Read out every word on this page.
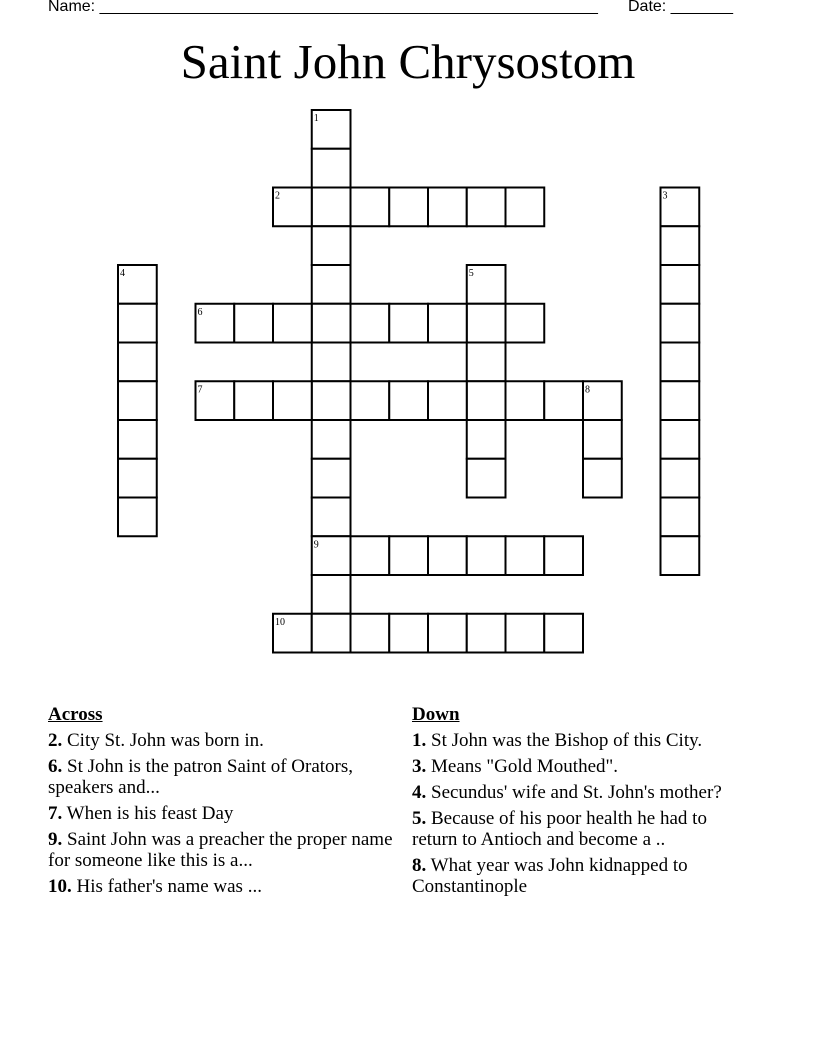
Name: ________________________________________________________ Date: _______
Saint John Chrysostom
1
2	3
4	5
6
7	8
9
10
Across
2. City St. John was born in.
6. St John is the patron Saint of Orators, speakers and...
7. When is his feast Day
9. Saint John was a preacher the proper name for someone like this is a...
10. His father's name was ...
Down
1. St John was the Bishop of this City.
3. Means "Gold Mouthed".
4. Secundus' wife and St. John's mother?
5. Because of his poor health he had to return to Antioch and become a ..
8. What year was John kidnapped to Constantinople
